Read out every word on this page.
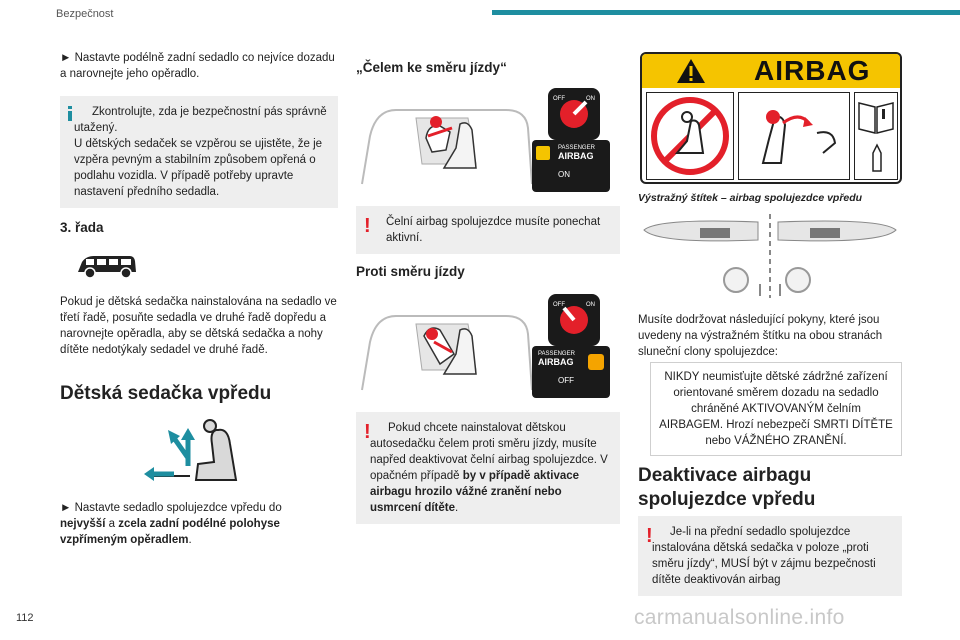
Bezpečnost

► Nastavte podélně zadní sedadlo co nejvíce dozadu a narovnejte jeho opěradlo.

Zkontrolujte, zda je bezpečnostní pás správně utažený.

U dětských sedaček se vzpěrou se ujistěte, že je vzpěra pevným a stabilním způsobem opřená o podlahu vozidla. V případě potřeby upravte nastavení předního sedadla.

3. řada

Pokud je dětská sedačka nainstalována na sedadlo ve třetí řadě, posuňte sedadla ve druhé řadě dopředu a narovnejte opěradla, aby se dětská sedačka a nohy dítěte nedotýkaly sedadel ve druhé řadě.

Dětská sedačka vpředu

► Nastavte sedadlo spolujezdce vpředu do
nejvyšší a zcela zadní podélné polohyse vzpřímeným opěradlem.

„Čelem ke směru jízdy“
OFF	ON
PASSENGER
AIRBAG
ON
! Čelní airbag spolujezdce musíte ponechat aktivní.

Proti směru jízdy
OFF	ON
PASSENGER
AIRBAG
OFF
!	Pokud chcete nainstalovat dětskou autosedačku čelem proti směru jízdy, musíte napřed deaktivovat čelní airbag spolujezdce. V opačném případě by v případě aktivace airbagu hrozilo vážné zranění nebo usmrcení dítěte.

AIRBAG

Výstražný štítek – airbag spolujezdce vpředu

Musíte dodržovat následující pokyny, které jsou uvedeny na výstražném štítku na obou stranách sluneční clony spolujezdce:

NIKDY neumisťujte dětské zádržné zařízení orientované směrem dozadu na sedadlo chráněné AKTIVOVANÝM čelním AIRBAGEM. Hrozí nebezpečí SMRTI DÍTĚTE nebo VÁŽNÉHO ZRANĚNÍ.

Deaktivace airbagu spolujezdce vpředu
!	Je-li na přední sedadlo spolujezdce instalována dětská sedačka v poloze „proti směru jízdy“, MUSÍ být v zájmu bezpečnosti dítěte deaktivován airbag

112	carmanualsonline.info
